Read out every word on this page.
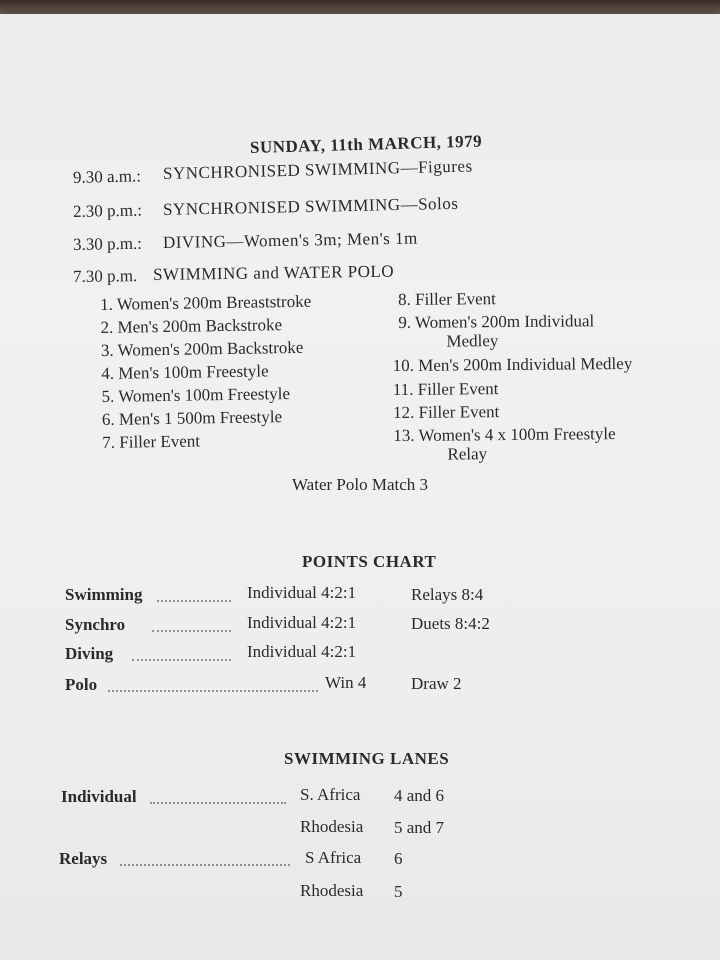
SUNDAY, 11th MARCH, 1979
9.30 a.m.: SYNCHRONISED SWIMMING—Figures
2.30 p.m.: SYNCHRONISED SWIMMING—Solos
3.30 p.m.: DIVING—Women's 3m; Men's 1m
7.30 p.m. SWIMMING and WATER POLO
1. Women's 200m Breaststroke
2. Men's 200m Backstroke
3. Women's 200m Backstroke
4. Men's 100m Freestyle
5. Women's 100m Freestyle
6. Men's 1 500m Freestyle
7. Filler Event
8. Filler Event
9. Women's 200m Individual
Medley
10. Men's 200m Individual Medley
11. Filler Event
12. Filler Event
13. Women's 4 x 100m Freestyle
Relay
Water Polo Match 3
POINTS CHART
Swimming	Individual 4:2:1	Relays 8:4
Synchro	Individual 4:2:1	Duets 8:4:2
Diving	Individual 4:2:1
Polo	Win 4	Draw 2
SWIMMING LANES
Individual	S. Africa 4 and 6
Rhodesia 5 and 7
Relays	S Africa 6
Rhodesia 5
